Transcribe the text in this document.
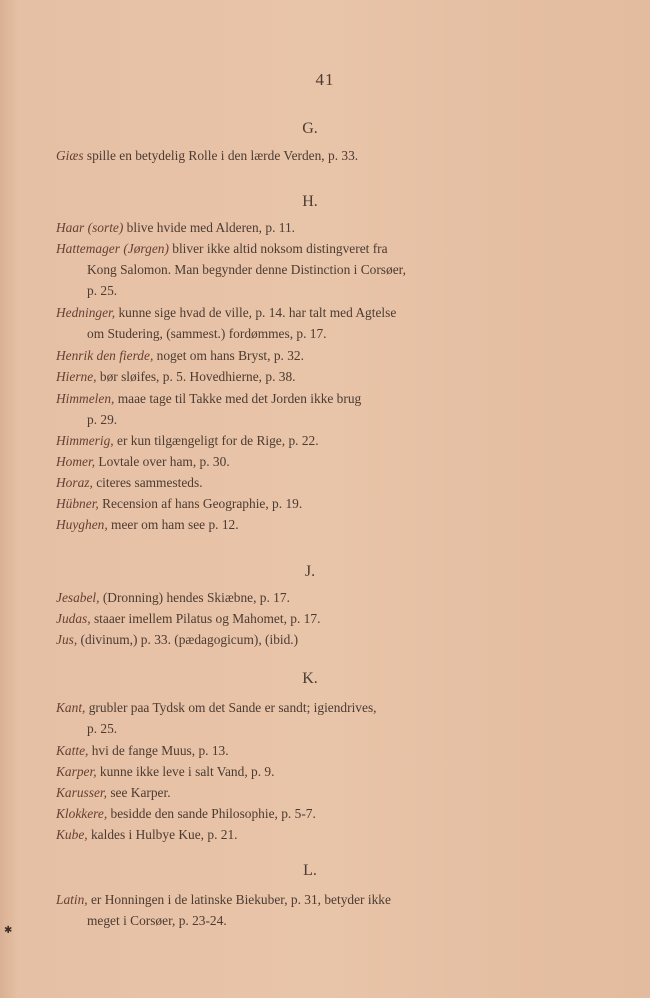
41
G.
Giæs spille en betydelig Rolle i den lærde Verden, p. 33.
H.
Haar (sorte) blive hvide med Alderen, p. 11.
Hattemager (Jørgen) bliver ikke altid noksom distingveret fra
Kong Salomon. Man begynder denne Distinction i Corsøer,
p. 25.
Hedninger, kunne sige hvad de ville, p. 14. har talt med Agtelse
om Studering, (sammest.) fordømmes, p. 17.
Henrik den fierde, noget om hans Bryst, p. 32.
Hierne, bør sløifes, p. 5. Hovedhierne, p. 38.
Himmelen, maae tage til Takke med det Jorden ikke brug
p. 29.
Himmerig, er kun tilgængeligt for de Rige, p. 22.
Homer, Lovtale over ham, p. 30.
Horaz, citeres sammesteds.
Hübner, Recension af hans Geographie, p. 19.
Huyghen, meer om ham see p. 12.
J.
Jesabel, (Dronning) hendes Skiæbne, p. 17.
Judas, staaer imellem Pilatus og Mahomet, p. 17.
Jus, (divinum,) p. 33. (pædagogicum), (ibid.)
K.
Kant, grubler paa Tydsk om det Sande er sandt; igiendrives,
p. 25.
Katte, hvi de fange Muus, p. 13.
Karper, kunne ikke leve i salt Vand, p. 9.
Karusser, see Karper.
Klokkere, besidde den sande Philosophie, p. 5-7.
Kube, kaldes i Hulbye Kue, p. 21.
L.
Latin, er Honningen i de latinske Biekuber, p. 31, betyder ikke
meget i Corsøer, p. 23-24.
✱
